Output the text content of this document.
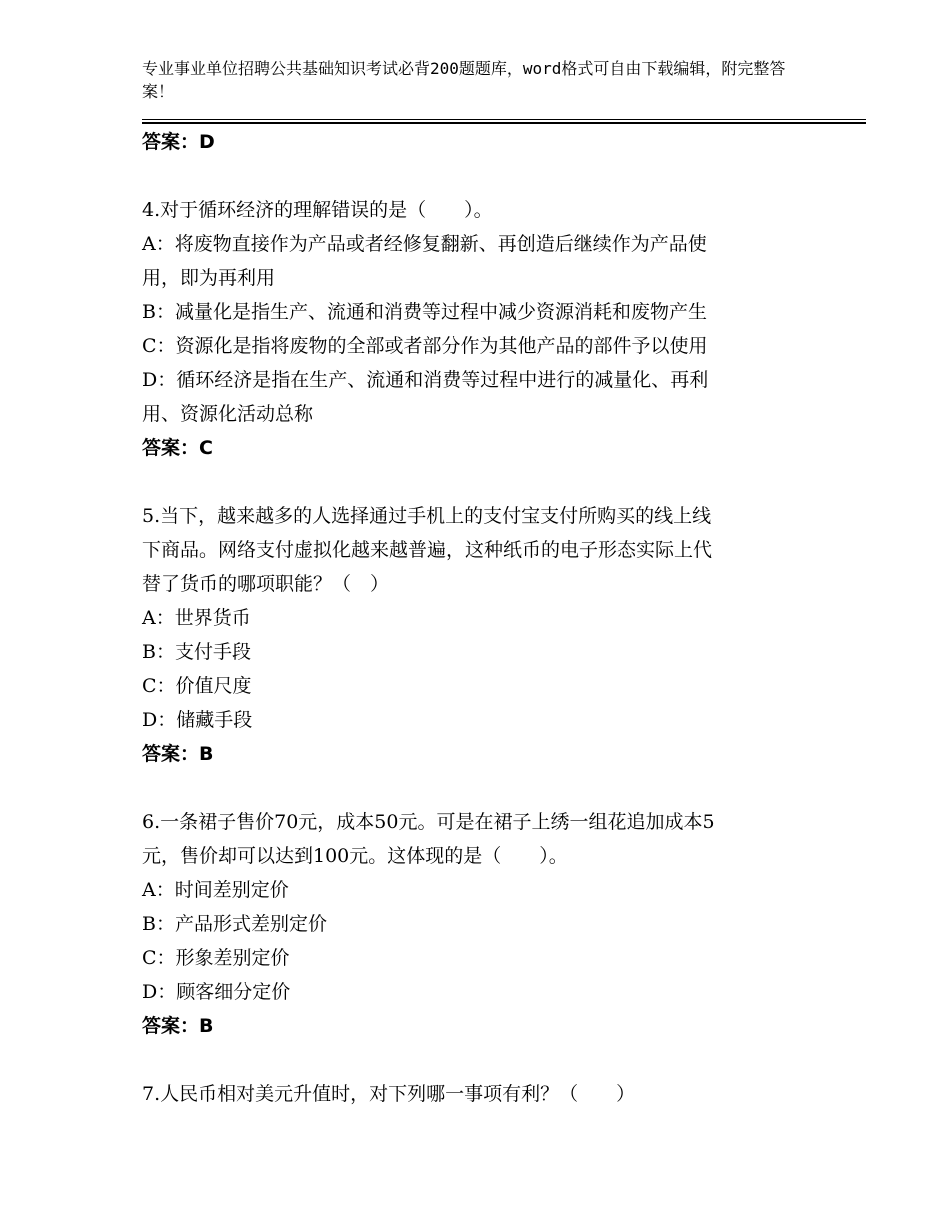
专业事业单位招聘公共基础知识考试必背200题题库，word格式可自由下载编辑，附完整答案！
答案：D
4.对于循环经济的理解错误的是（　　）。
A：将废物直接作为产品或者经修复翻新、再创造后继续作为产品使
用，即为再利用
B：减量化是指生产、流通和消费等过程中减少资源消耗和废物产生
C：资源化是指将废物的全部或者部分作为其他产品的部件予以使用
D：循环经济是指在生产、流通和消费等过程中进行的减量化、再利
用、资源化活动总称
答案：C
5.当下，越来越多的人选择通过手机上的支付宝支付所购买的线上线
下商品。网络支付虚拟化越来越普遍，这种纸币的电子形态实际上代
替了货币的哪项职能？（　）
A：世界货币
B：支付手段
C：价值尺度
D：储藏手段
答案：B
6.一条裙子售价70元，成本50元。可是在裙子上绣一组花追加成本5
元，售价却可以达到100元。这体现的是（　　）。
A：时间差别定价
B：产品形式差别定价
C：形象差别定价
D：顾客细分定价
答案：B
7.人民币相对美元升值时，对下列哪一事项有利？（　　）
